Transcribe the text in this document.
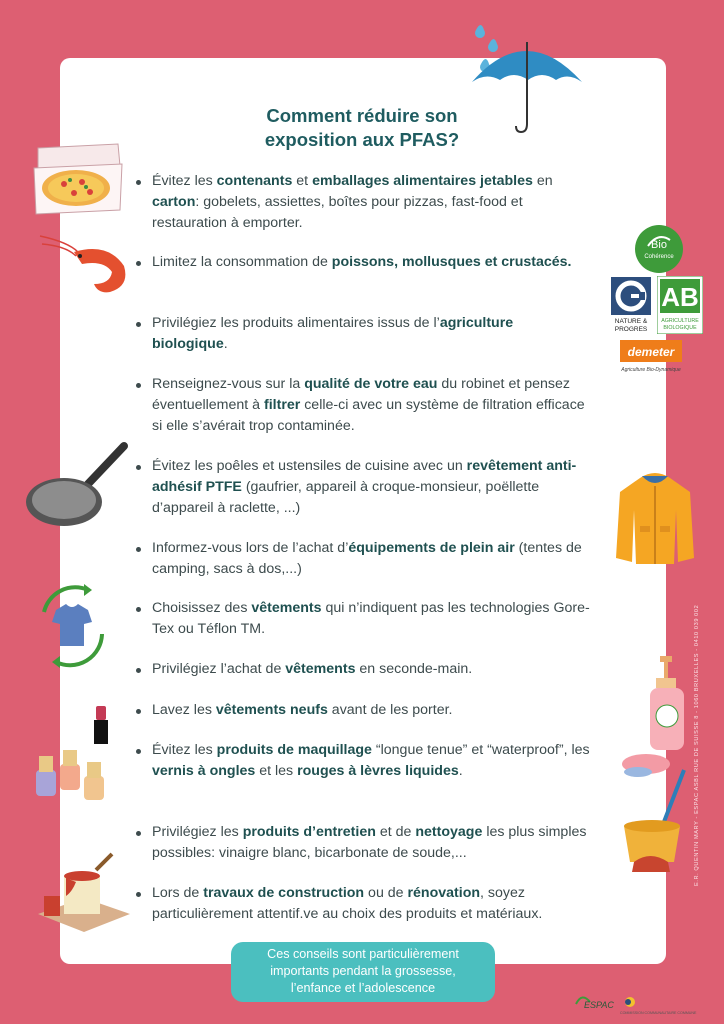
Comment réduire son
exposition aux PFAS?
Évitez les contenants et emballages alimentaires jetables en carton: gobelets, assiettes, boîtes pour pizzas, fast-food et restauration à emporter.
Limitez la consommation de poissons, mollusques et crustacés.
Privilégiez les produits alimentaires issus de l’agriculture biologique.
Renseignez-vous sur la qualité de votre eau du robinet et pensez éventuellement à filtrer celle-ci avec un système de filtration efficace si elle s’avérait trop contaminée.
Évitez les poêles et ustensiles de cuisine avec un revêtement anti-adhésif PTFE (gaufrier, appareil à croque-monsieur, poëllette d’appareil à raclette, ...)
Informez-vous lors de l’achat d’équipements de plein air (tentes de camping, sacs à dos,...)
Choisissez des vêtements qui n’indiquent pas les technologies Gore-Tex ou Téflon TM.
Privilégiez l’achat de vêtements en seconde-main.
Lavez les vêtements neufs avant de les porter.
Évitez les produits de maquillage “longue tenue” et “waterproof”, les vernis à ongles et les rouges à lèvres liquides.
Privilégiez les produits d’entretien et de nettoyage les plus simples possibles: vinaigre blanc, bicarbonate de soude,...
Lors de travaux de construction ou de rénovation, soyez particulièrement attentif.ve au choix des produits et matériaux.
Ces conseils sont particulièrement
importants pendant la grossesse,
l’enfance et l’adolescence
E.R. QUENTIN MARY - ESPAC ASBL RUE DE SUISSE 8 - 1060 BRUXELLES - 0410 039 002
Bio
Cohérence
NATURE &
PROGRES
AB
AGRICULTURE
BIOLOGIQUE
demeter
Agriculture Bio-Dynamique
ESPAC
COMMISSION COMMUNAUTAIRE COMMUNE
